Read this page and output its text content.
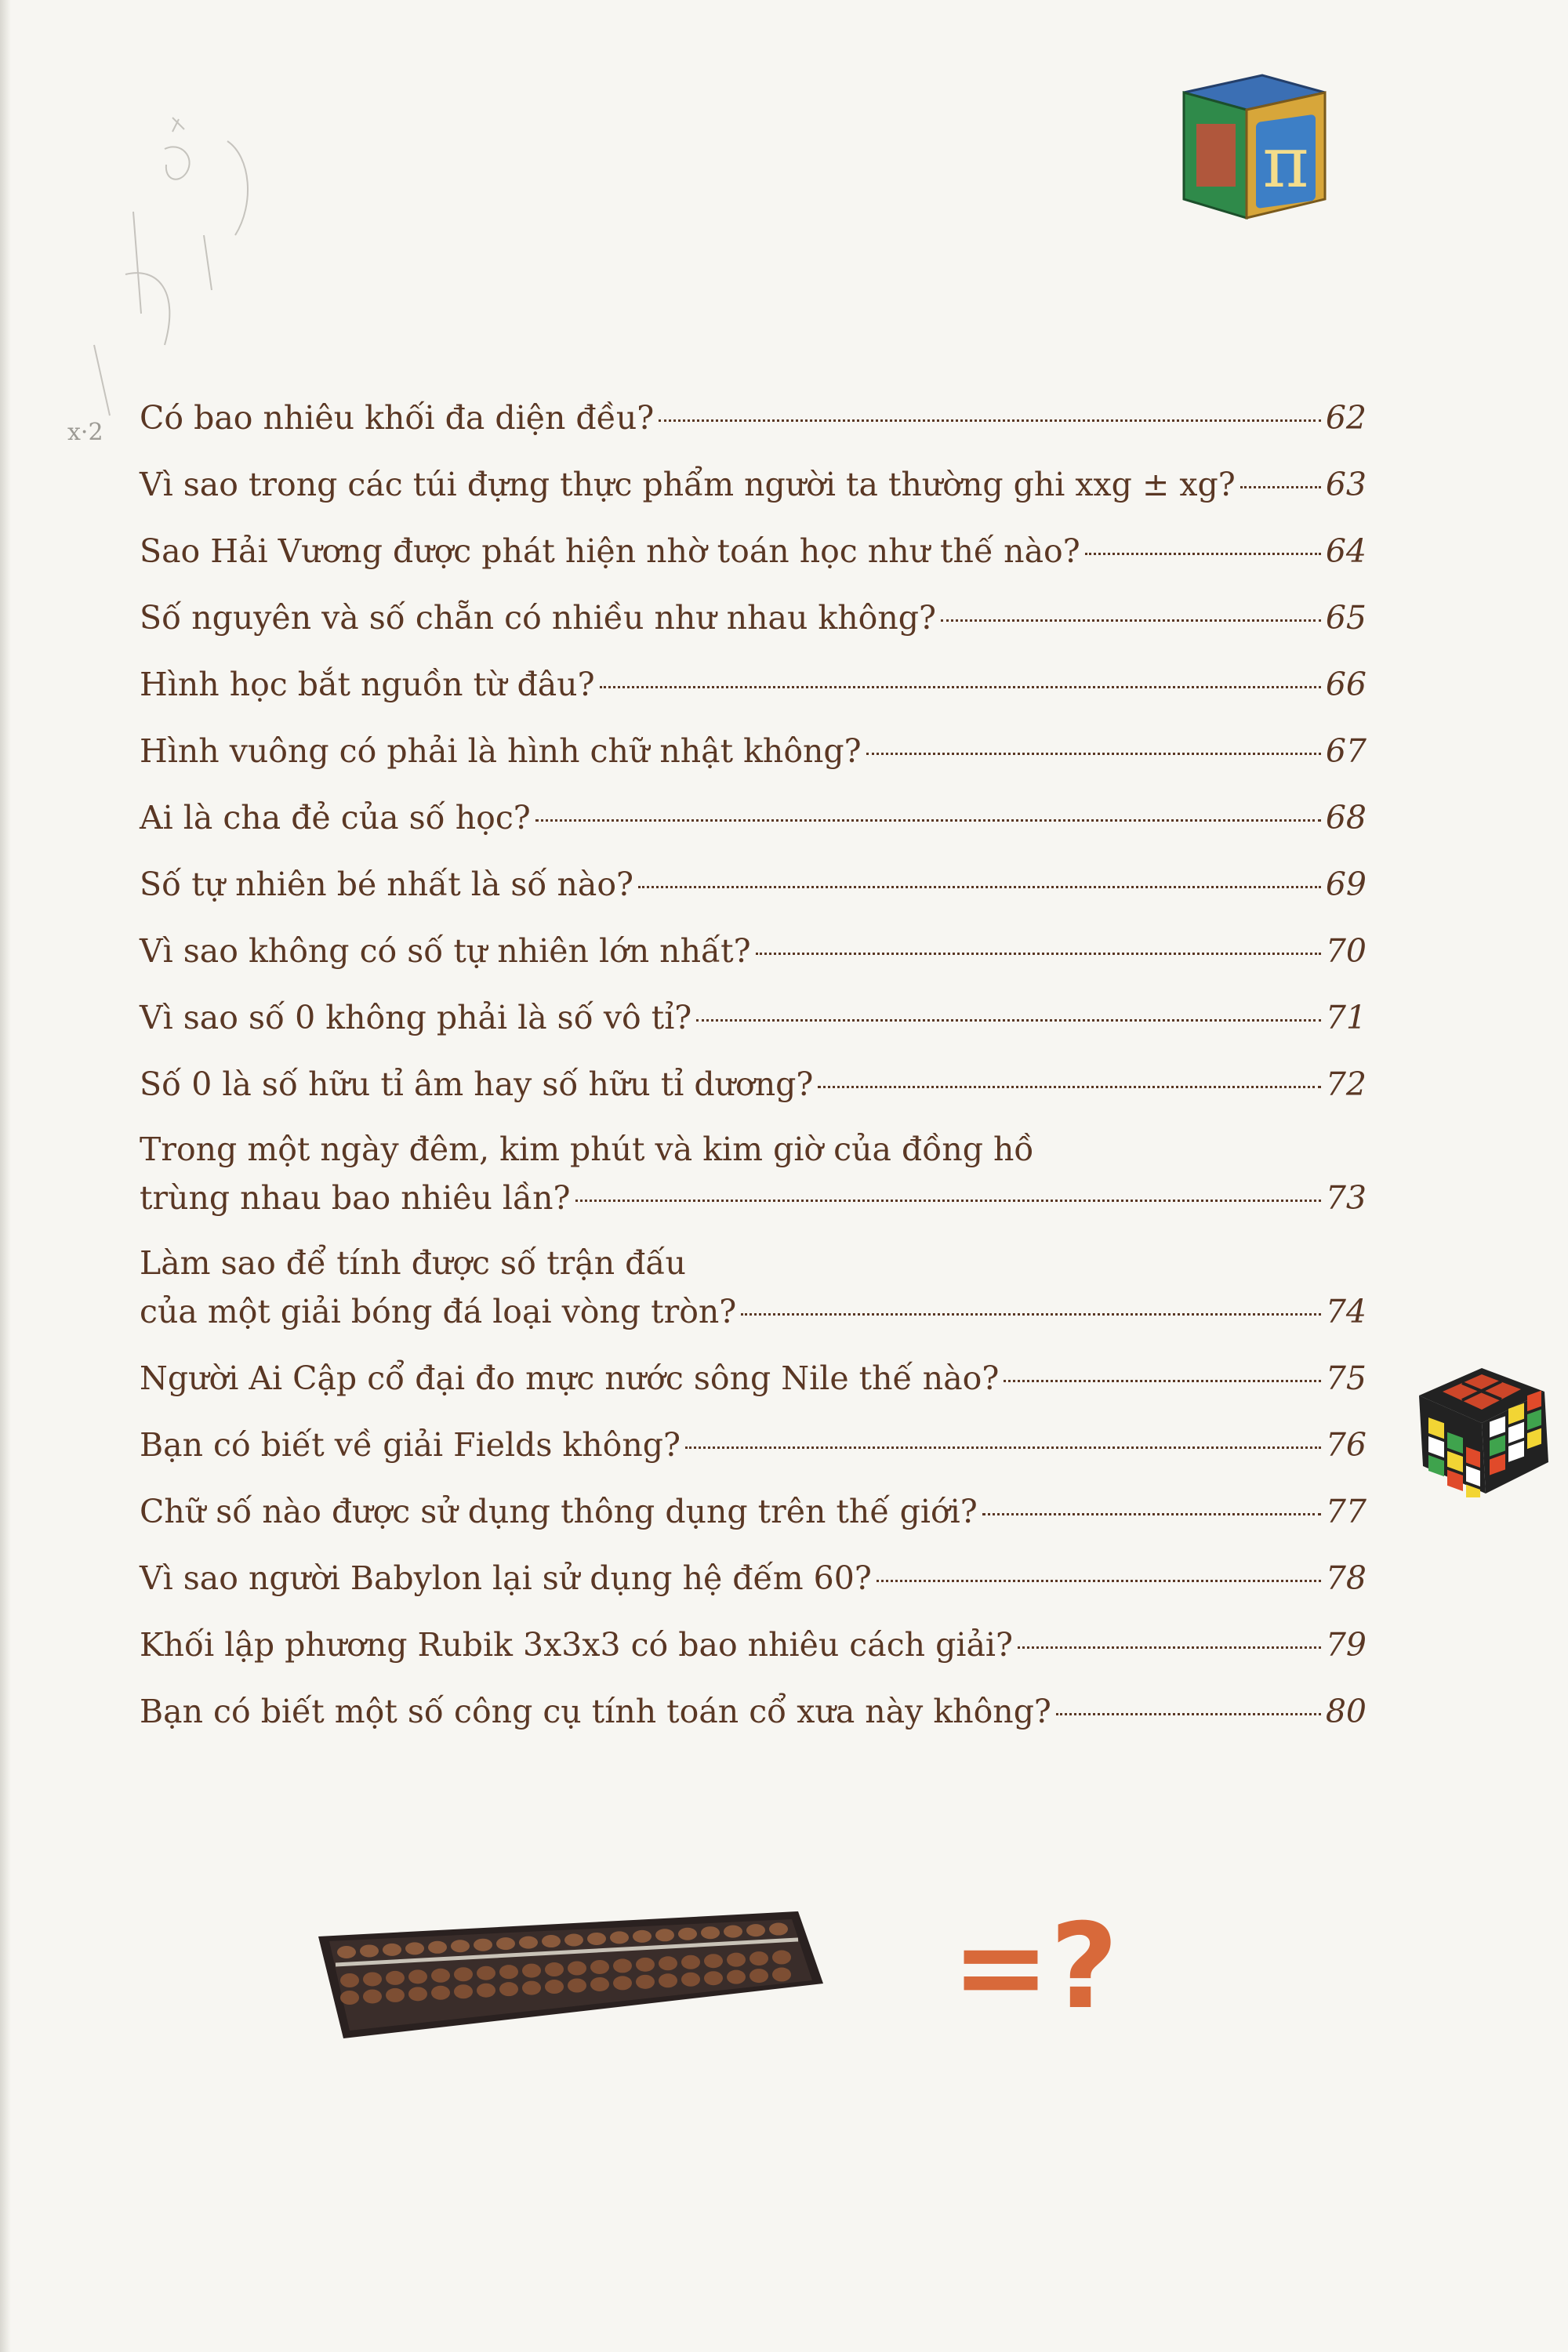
x·2
π
Có bao nhiêu khối đa diện đều?	62
Vì sao trong các túi đựng thực phẩm người ta thường ghi xxg ± xg?	63
Sao Hải Vương được phát hiện nhờ toán học như thế nào?	64
Số nguyên và số chẵn có nhiều như nhau không?	65
Hình học bắt nguồn từ đâu?	66
Hình vuông có phải là hình chữ nhật không?	67
Ai là cha đẻ của số học?	68
Số tự nhiên bé nhất là số nào?	69
Vì sao không có số tự nhiên lớn nhất?	70
Vì sao số 0 không phải là số vô tỉ?	71
Số 0 là số hữu tỉ âm hay số hữu tỉ dương?	72
Trong một ngày đêm, kim phút và kim giờ của đồng hồ
trùng nhau bao nhiêu lần?	73
Làm sao để tính được số trận đấu
của một giải bóng đá loại vòng tròn?	74
Người Ai Cập cổ đại đo mực nước sông Nile thế nào?	75
Bạn có biết về giải Fields không?	76
Chữ số nào được sử dụng thông dụng trên thế giới?	77
Vì sao người Babylon lại sử dụng hệ đếm 60?	78
Khối lập phương Rubik 3x3x3 có bao nhiêu cách giải?	79
Bạn có biết một số công cụ tính toán cổ xưa này không?	80
=?
